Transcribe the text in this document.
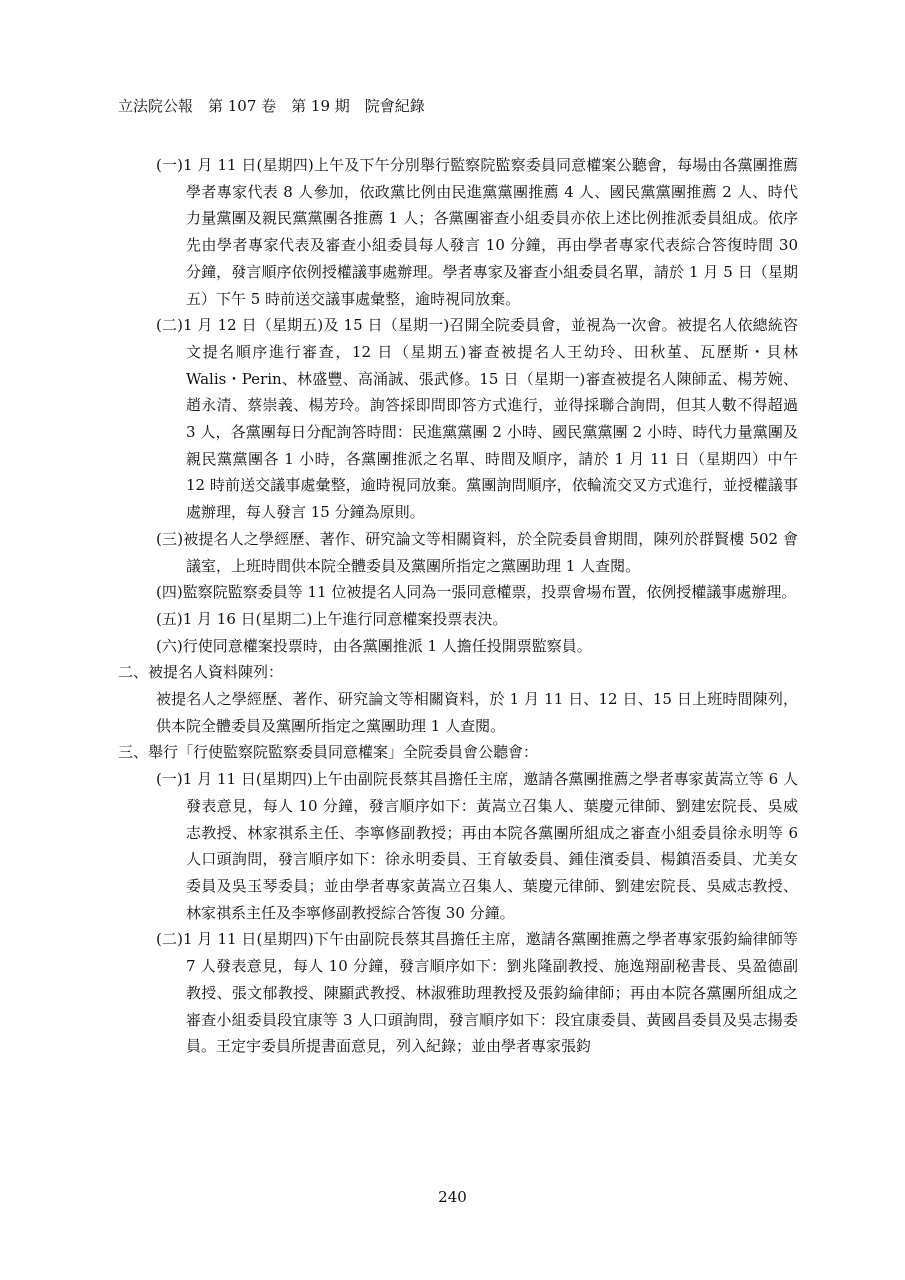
立法院公報　第 107 卷　第 19 期　院會紀錄
(一)1 月 11 日(星期四)上午及下午分別舉行監察院監察委員同意權案公聽會，每場由各黨團推薦學者專家代表 8 人參加，依政黨比例由民進黨黨團推薦 4 人、國民黨黨團推薦 2 人、時代力量黨團及親民黨黨團各推薦 1 人；各黨團審查小組委員亦依上述比例推派委員組成。依序先由學者專家代表及審查小組委員每人發言 10 分鐘，再由學者專家代表綜合答復時間 30 分鐘，發言順序依例授權議事處辦理。學者專家及審查小組委員名單，請於 1 月 5 日（星期五）下午 5 時前送交議事處彙整，逾時視同放棄。
(二)1 月 12 日（星期五)及 15 日（星期一)召開全院委員會，並視為一次會。被提名人依總統咨文提名順序進行審查，12 日（星期五)審查被提名人王幼玲、田秋堇、瓦歷斯・貝林 Walis・Perin、林盛豐、高涌誠、張武修。15 日（星期一)審查被提名人陳師孟、楊芳婉、趙永清、蔡崇義、楊芳玲。詢答採即問即答方式進行，並得採聯合詢問，但其人數不得超過 3 人，各黨團每日分配詢答時間：民進黨黨團 2 小時、國民黨黨團 2 小時、時代力量黨團及親民黨黨團各 1 小時，各黨團推派之名單、時間及順序，請於 1 月 11 日（星期四）中午 12 時前送交議事處彙整，逾時視同放棄。黨團詢問順序，依輪流交叉方式進行，並授權議事處辦理，每人發言 15 分鐘為原則。
(三)被提名人之學經歷、著作、研究論文等相關資料，於全院委員會期間，陳列於群賢樓 502 會議室，上班時間供本院全體委員及黨團所指定之黨團助理 1 人查閱。
(四)監察院監察委員等 11 位被提名人同為一張同意權票，投票會場布置，依例授權議事處辦理。
(五)1 月 16 日(星期二)上午進行同意權案投票表決。
(六)行使同意權案投票時，由各黨團推派 1 人擔任投開票監察員。
二、被提名人資料陳列：
被提名人之學經歷、著作、研究論文等相關資料，於 1 月 11 日、12 日、15 日上班時間陳列，供本院全體委員及黨團所指定之黨團助理 1 人查閱。
三、舉行「行使監察院監察委員同意權案」全院委員會公聽會：
(一)1 月 11 日(星期四)上午由副院長蔡其昌擔任主席，邀請各黨團推薦之學者專家黃嵩立等 6 人發表意見，每人 10 分鐘，發言順序如下：黃嵩立召集人、葉慶元律師、劉建宏院長、吳威志教授、林家祺系主任、李寧修副教授；再由本院各黨團所組成之審查小組委員徐永明等 6 人口頭詢問，發言順序如下：徐永明委員、王育敏委員、鍾佳濱委員、楊鎮浯委員、尤美女委員及吳玉琴委員；並由學者專家黃嵩立召集人、葉慶元律師、劉建宏院長、吳威志教授、林家祺系主任及李寧修副教授綜合答復 30 分鐘。
(二)1 月 11 日(星期四)下午由副院長蔡其昌擔任主席，邀請各黨團推薦之學者專家張鈞綸律師等 7 人發表意見，每人 10 分鐘，發言順序如下：劉兆隆副教授、施逸翔副秘書長、吳盈德副教授、張文郁教授、陳顯武教授、林淑雅助理教授及張鈞綸律師；再由本院各黨團所組成之審查小組委員段宜康等 3 人口頭詢問，發言順序如下：段宜康委員、黃國昌委員及吳志揚委員。王定宇委員所提書面意見，列入紀錄；並由學者專家張鈞
240
